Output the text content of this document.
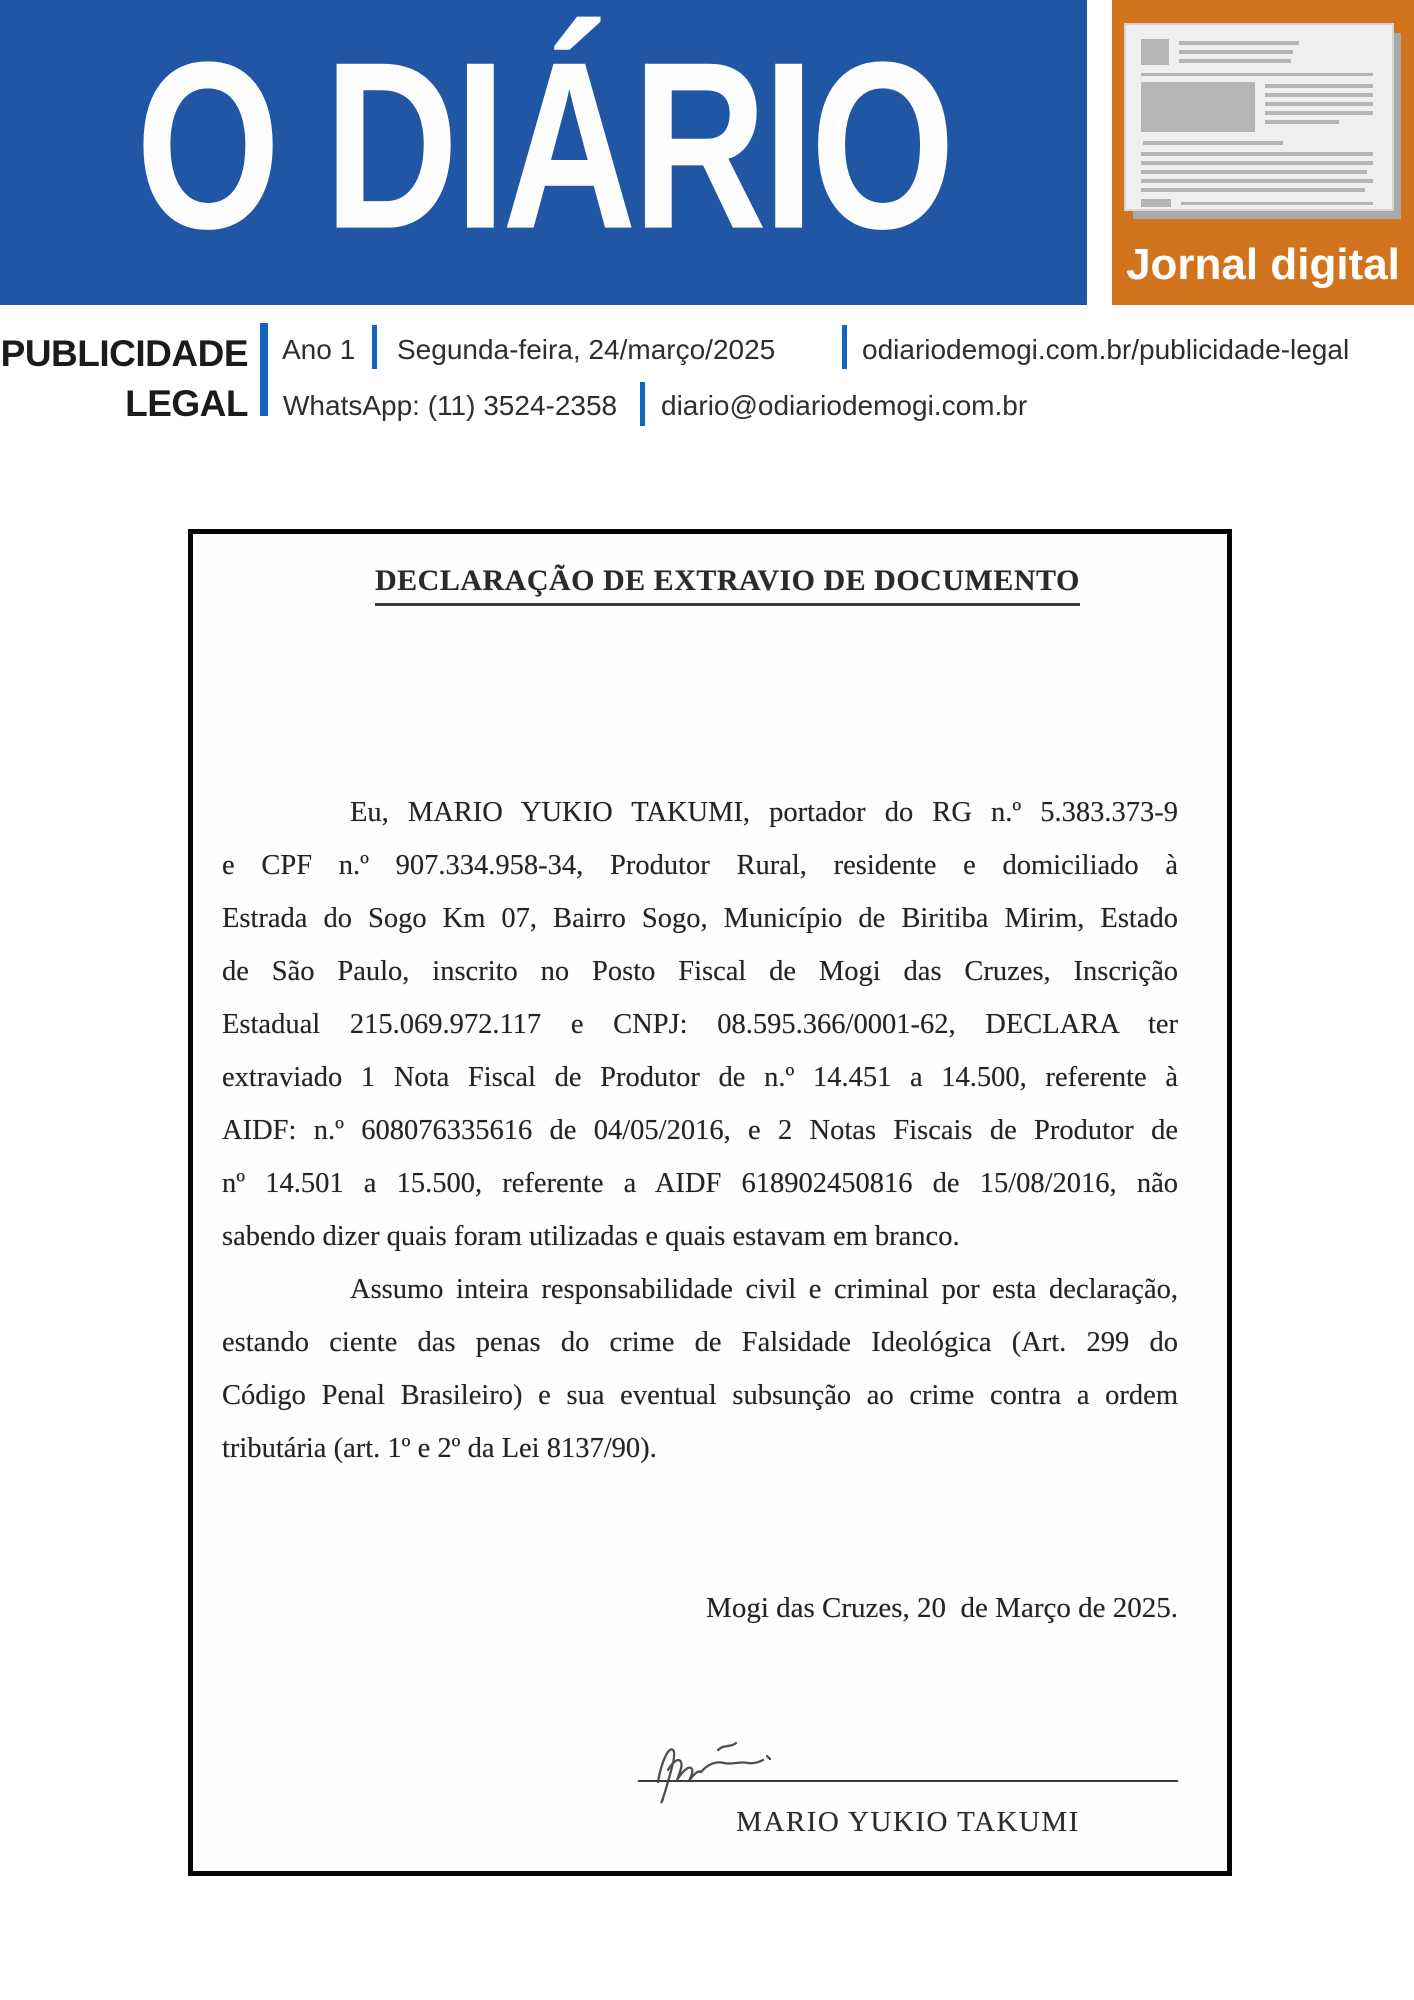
O DIÁRIO	Jornal digital
PUBLICIDADE
LEGAL
Ano 1 Segunda-feira, 24/março/2025	odiariodemogi.com.br/publicidade-legal
WhatsApp: (11) 3524-2358 diario@odiariodemogi.com.br
DECLARAÇÃO DE EXTRAVIO DE DOCUMENTO
Eu, MARIO YUKIO TAKUMI, portador do RG n.º 5.383.373-9
e CPF n.º 907.334.958-34, Produtor Rural, residente e domiciliado à
Estrada do Sogo Km 07, Bairro Sogo, Município de Biritiba Mirim, Estado
de São Paulo, inscrito no Posto Fiscal de Mogi das Cruzes, Inscrição
Estadual 215.069.972.117 e CNPJ: 08.595.366/0001-62, DECLARA ter
extraviado 1 Nota Fiscal de Produtor de n.º 14.451 a 14.500, referente à
AIDF: n.º 608076335616 de 04/05/2016, e 2 Notas Fiscais de Produtor de
nº 14.501 a 15.500, referente a AIDF 618902450816 de 15/08/2016, não
sabendo dizer quais foram utilizadas e quais estavam em branco.
Assumo inteira responsabilidade civil e criminal por esta declaração,
estando ciente das penas do crime de Falsidade Ideológica (Art. 299 do
Código Penal Brasileiro) e sua eventual subsunção ao crime contra a ordem
tributária (art. 1º e 2º da Lei 8137/90).
Mogi das Cruzes, 20  de Março de 2025.
MARIO YUKIO TAKUMI
